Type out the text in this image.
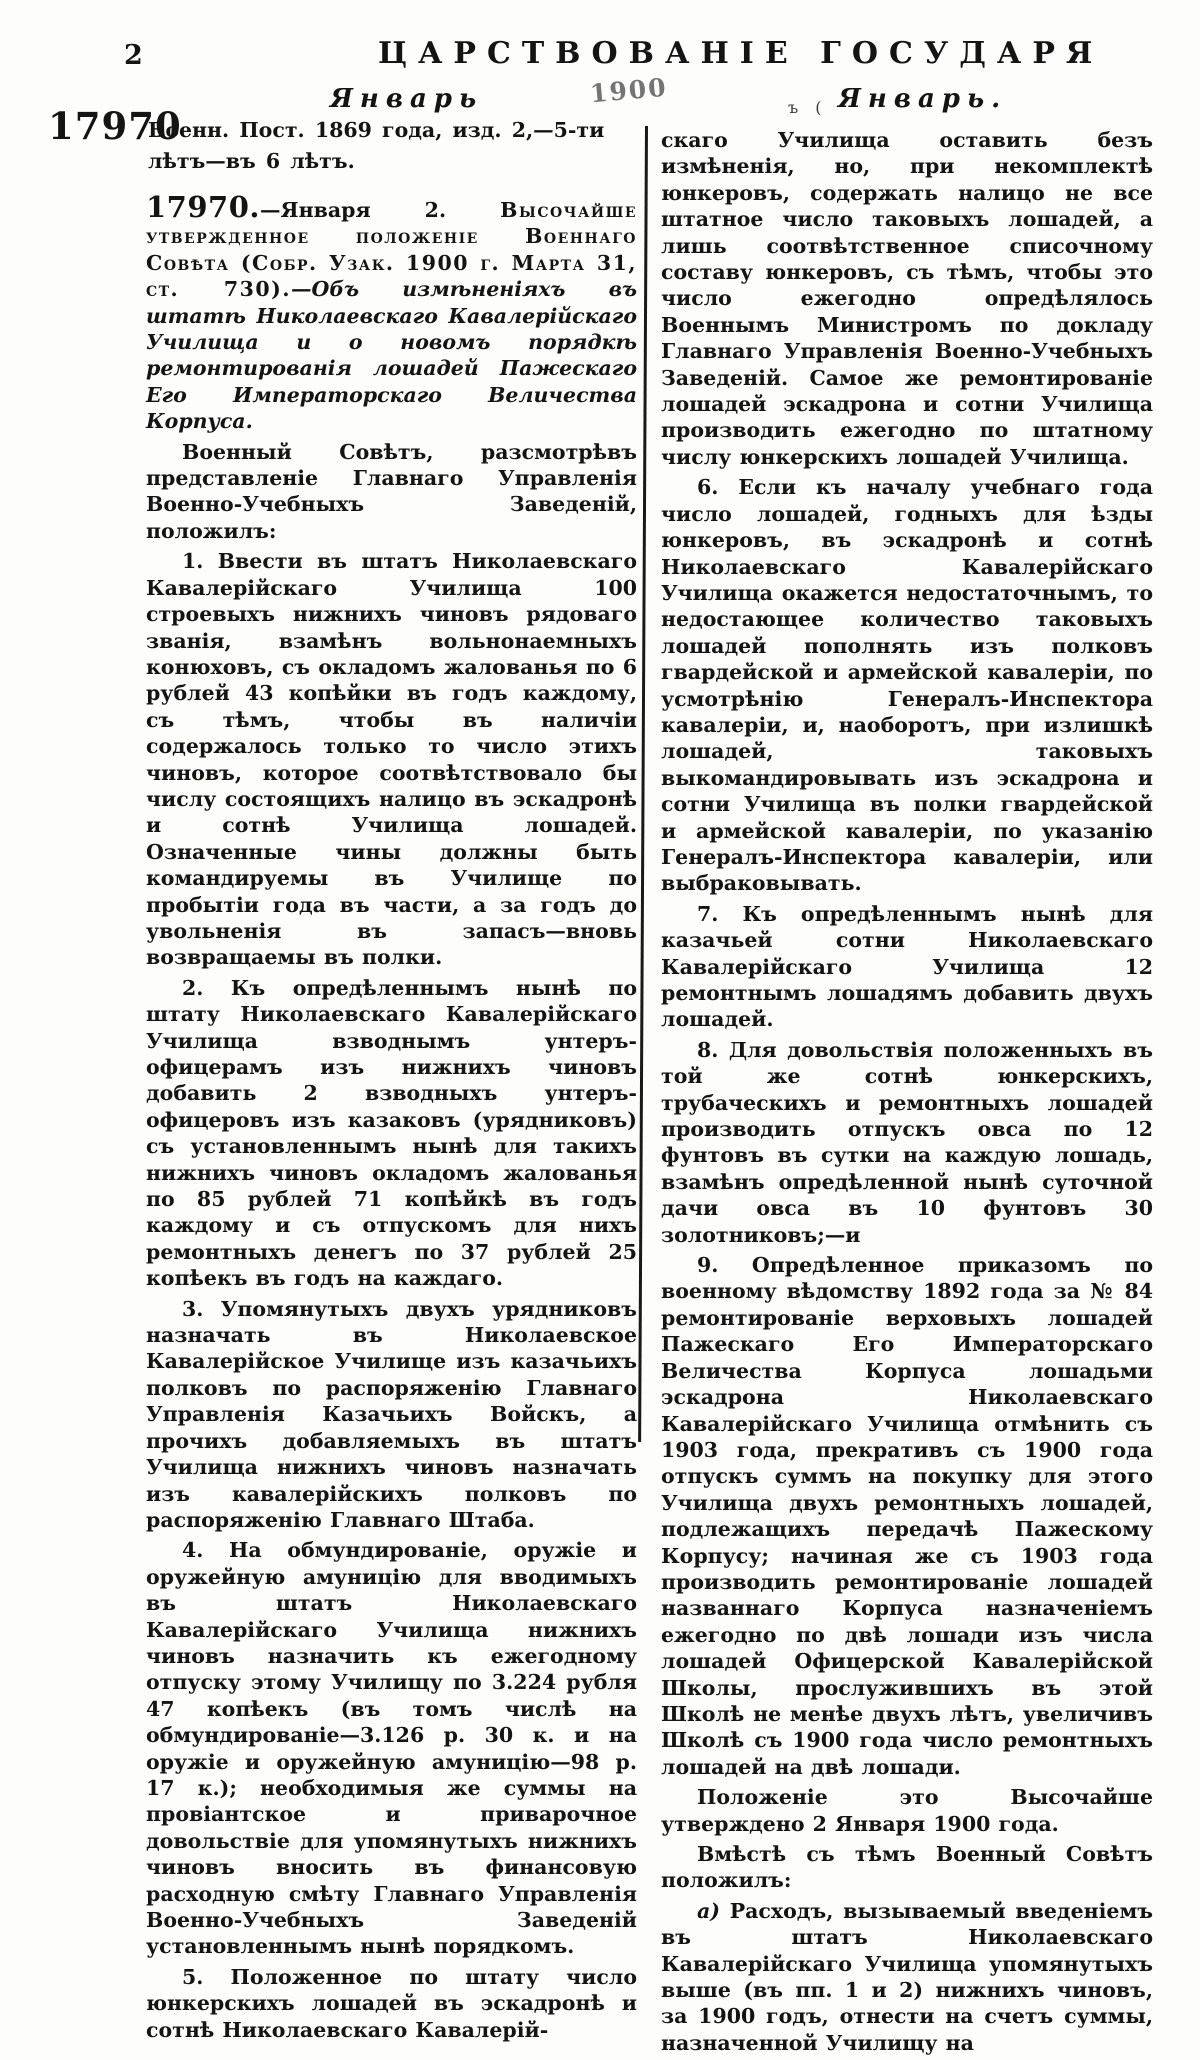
2	ЦАРСТВОВАНІЕ ГОСУДАРЯ
Январь	1900	ъ ( Январь.
17970
Военн. Пост. 1869 года, изд. 2,—5-ти лѣтъ—въ 6 лѣтъ.

17970.—Января 2. Высочайше утвержденное положеніе Военнаго Совѣта (Собр. Узак. 1900 г. Марта 31, ст. 730).—Объ измѣненіяхъ въ штатѣ Николаевскаго Кавалерійскаго Училища и о новомъ порядкѣ ремонтированія лошадей Пажескаго Его Императорскаго Величества Корпуса.

Военный Совѣтъ, разсмотрѣвъ представленіе Главнаго Управленія Военно-Учебныхъ Заведеній, положилъ:

1. Ввести въ штатъ Николаевскаго Кавалерійскаго Училища 100 строевыхъ нижнихъ чиновъ рядоваго званія, взамѣнъ вольнонаемныхъ конюховъ, съ окладомъ жалованья по 6 рублей 43 копѣйки въ годъ каждому, съ тѣмъ, чтобы въ наличіи содержалось только то число этихъ чиновъ, которое соотвѣтствовало бы числу состоящихъ налицо въ эскадронѣ и сотнѣ Училища лошадей. Означенные чины должны быть командируемы въ Училище по пробытіи года въ части, а за годъ до увольненія въ запасъ—вновь возвращаемы въ полки.

2. Къ опредѣленнымъ нынѣ по штату Николаевскаго Кавалерійскаго Училища взводнымъ унтеръ-офицерамъ изъ нижнихъ чиновъ добавить 2 взводныхъ унтеръ-офицеровъ изъ казаковъ (урядниковъ) съ установленнымъ нынѣ для такихъ нижнихъ чиновъ окладомъ жалованья по 85 рублей 71 копѣйкѣ въ годъ каждому и съ отпускомъ для нихъ ремонтныхъ денегъ по 37 рублей 25 копѣекъ въ годъ на каждаго.

3. Упомянутыхъ двухъ урядниковъ назначать въ Николаевское Кавалерійское Училище изъ казачьихъ полковъ по распоряженію Главнаго Управленія Казачьихъ Войскъ, а прочихъ добавляемыхъ въ штатъ Училища нижнихъ чиновъ назначать изъ кавалерійскихъ полковъ по распоряженію Главнаго Штаба.

4. На обмундированіе, оружіе и оружейную амуницію для вводимыхъ въ штатъ Николаевскаго Кавалерійскаго Училища нижнихъ чиновъ назначить къ ежегодному отпуску этому Училищу по 3.224 рубля 47 копѣекъ (въ томъ числѣ на обмундированіе—3.126 р. 30 к. и на оружіе и оружейную амуницію—98 р. 17 к.); необходимыя же суммы на провіантское и приварочное довольствіе для упомянутыхъ нижнихъ чиновъ вносить въ финансовую расходную смѣту Главнаго Управленія Военно-Учебныхъ Заведеній установленнымъ нынѣ порядкомъ.

5. Положенное по штату число юнкерскихъ лошадей въ эскадронѣ и сотнѣ Николаевскаго Кавалерій-

скаго Училища оставить безъ измѣненія, но, при некомплектѣ юнкеровъ, содержать налицо не все штатное число таковыхъ лошадей, а лишь соотвѣтственное списочному составу юнкеровъ, съ тѣмъ, чтобы это число ежегодно опредѣлялось Военнымъ Министромъ по докладу Главнаго Управленія Военно-Учебныхъ Заведеній. Самое же ремонтированіе лошадей эскадрона и сотни Училища производить ежегодно по штатному числу юнкерскихъ лошадей Училища.

6. Если къ началу учебнаго года число лошадей, годныхъ для ѣзды юнкеровъ, въ эскадронѣ и сотнѣ Николаевскаго Кавалерійскаго Училища окажется недостаточнымъ, то недостающее количество таковыхъ лошадей пополнять изъ полковъ гвардейской и армейской кавалеріи, по усмотрѣнію Генералъ-Инспектора кавалеріи, и, наоборотъ, при излишкѣ лошадей, таковыхъ выкомандировывать изъ эскадрона и сотни Училища въ полки гвардейской и армейской кавалеріи, по указанію Генералъ-Инспектора кавалеріи, или выбраковывать.

7. Къ опредѣленнымъ нынѣ для казачьей сотни Николаевскаго Кавалерійскаго Училища 12 ремонтнымъ лошадямъ добавить двухъ лошадей.

8. Для довольствія положенныхъ въ той же сотнѣ юнкерскихъ, трубаческихъ и ремонтныхъ лошадей производить отпускъ овса по 12 фунтовъ въ сутки на каждую лошадь, взамѣнъ опредѣленной нынѣ суточной дачи овса въ 10 фунтовъ 30 золотниковъ;—и

9. Опредѣленное приказомъ по военному вѣдомству 1892 года за № 84 ремонтированіе верховыхъ лошадей Пажескаго Его Императорскаго Величества Корпуса лошадьми эскадрона Николаевскаго Кавалерійскаго Училища отмѣнить съ 1903 года, прекративъ съ 1900 года отпускъ суммъ на покупку для этого Училища двухъ ремонтныхъ лошадей, подлежащихъ передачѣ Пажескому Корпусу; начиная же съ 1903 года производить ремонтированіе лошадей названнаго Корпуса назначеніемъ ежегодно по двѣ лошади изъ числа лошадей Офицерской Кавалерійской Школы, прослужившихъ въ этой Школѣ не менѣе двухъ лѣтъ, увеличивъ Школѣ съ 1900 года число ремонтныхъ лошадей на двѣ лошади.

Положеніе это Высочайше утверждено 2 Января 1900 года.

Вмѣстѣ съ тѣмъ Военный Совѣтъ положилъ:

а) Расходъ, вызываемый введеніемъ въ штатъ Николаевскаго Кавалерійскаго Училища упомянутыхъ выше (въ пп. 1 и 2) нижнихъ чиновъ, за 1900 годъ, отнести на счетъ суммы, назначенной Училищу на
